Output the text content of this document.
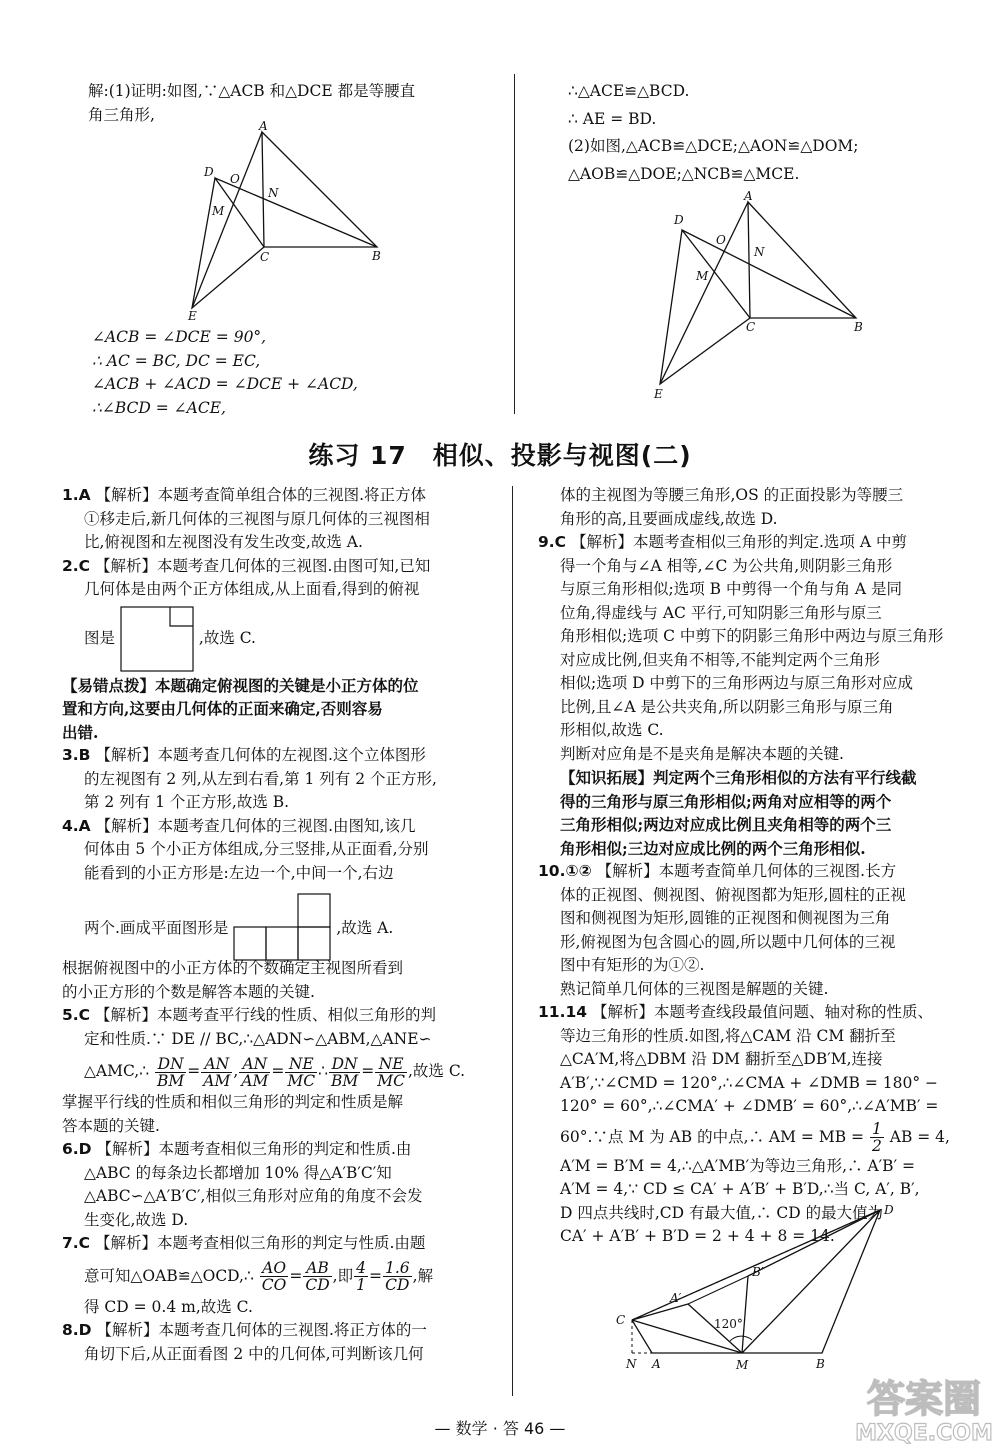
解:(1)证明:如图,∵△ACB 和△DCE 都是等腰直

角三角形,

A
B
C
D
E
M
N
O

∠ACB = ∠DCE = 90°,

∴ AC = BC, DC = EC,

∠ACB + ∠ACD = ∠DCE + ∠ACD,

∴∠BCD = ∠ACE,

∴△ACE≌△BCD.

∴ AE = BD.

(2)如图,△ACB≌△DCE;△AON≌△DOM;

△AOB≌△DOE;△NCB≌△MCE.

A
B
C
D
E
M
N
O
练习 17　相似、投影与视图(二)

1.A 【解析】本题考查简单组合体的三视图.将正方体

①移走后,新几何体的三视图与原几何体的三视图相

比,俯视图和左视图没有发生改变,故选 A.

2.C 【解析】本题考查几何体的三视图.由图可知,已知

几何体是由两个正方体组成,从上面看,得到的俯视

图是	,故选 C.

【易错点拨】本题确定俯视图的关键是小正方体的位

置和方向,这要由几何体的正面来确定,否则容易

出错.

3.B 【解析】本题考查几何体的左视图.这个立体图形

的左视图有 2 列,从左到右看,第 1 列有 2 个正方形,

第 2 列有 1 个正方形,故选 B.

4.A 【解析】本题考查几何体的三视图.由图知,该几

何体由 5 个小正方体组成,分三竖排,从正面看,分别

能看到的小正方形是:左边一个,中间一个,右边

两个.画成平面图形是	,故选 A.

根据俯视图中的小正方体的个数确定主视图所看到

的小正方形的个数是解答本题的关键.

5.C 【解析】本题考查平行线的性质、相似三角形的判

定和性质.∵ DE // BC,∴△ADN∽△ABM,△ANE∽

△AMC,∴ $\frac{DN}{BM} = \frac{AN}{AM}$ , $\frac{AN}{AM} = \frac{NE}{MC}$ ∴ $\frac{DN}{BM} = \frac{NE}{MC}$ ,故选 C.

掌握平行线的性质和相似三角形的判定和性质是解

答本题的关键.

6.D 【解析】本题考查相似三角形的判定和性质.由

△ABC 的每条边长都增加 10% 得△A′B′C′知

△ABC∽△A′B′C′,相似三角形对应角的角度不会发

生变化,故选 D.

7.C 【解析】本题考查相似三角形的判定与性质.由题

意可知△OAB≌△OCD,∴ $\frac{AO}{CO} = \frac{AB}{CD}$ ,即 $\frac{4}{1} = \frac{1.6}{CD}$ ,解

得 CD = 0.4 m,故选 C.

8.D 【解析】本题考查几何体的三视图.将正方体的一

角切下后,从正面看图 2 中的几何体,可判断该几何

体的主视图为等腰三角形,OS 的正面投影为等腰三

角形的高,且要画成虚线,故选 D.

9.C 【解析】本题考查相似三角形的判定.选项 A 中剪

得一个角与∠A 相等,∠C 为公共角,则阴影三角形

与原三角形相似;选项 B 中剪得一个角与角 A 是同

位角,得虚线与 AC 平行,可知阴影三角形与原三

角形相似;选项 C 中剪下的阴影三角形中两边与原三角形

对应成比例,但夹角不相等,不能判定两个三角形

相似;选项 D 中剪下的三角形两边与原三角形对应成

比例,且∠A 是公共夹角,所以阴影三角形与原三角

形相似,故选 C.

判断对应角是不是夹角是解决本题的关键.

【知识拓展】判定两个三角形相似的方法有平行线截

得的三角形与原三角形相似;两角对应相等的两个

三角形相似;两边对应成比例且夹角相等的两个三

角形相似;三边对应成比例的两个三角形相似.

10.①② 【解析】本题考查简单几何体的三视图.长方

体的正视图、侧视图、俯视图都为矩形,圆柱的正视

图和侧视图为矩形,圆锥的正视图和侧视图为三角

形,俯视图为包含圆心的圆,所以题中几何体的三视

图中有矩形的为①②.

熟记简单几何体的三视图是解题的关键.

11.14 【解析】本题考查线段最值问题、轴对称的性质、

等边三角形的性质.如图,将△CAM 沿 CM 翻折至

△CA′M,将△DBM 沿 DM 翻折至△DB′M,连接

A′B′,∵∠CMD = 120°,∴∠CMA + ∠DMB = 180° −

120° = 60°,∴∠CMA′ + ∠DMB′ = 60°,∴∠A′MB′ =

60°.∵点 M 为 AB 的中点,∴ AM = MB = $\frac{1}{2}$ AB = 4,

A′M = B′M = 4,∴△A′MB′为等边三角形,∴ A′B′ =

A′M = 4,∵ CD ≤ CA′ + A′B′ + B′D,∴当 C, A′, B′,

D 四点共线时,CD 有最大值,∴ CD 的最大值为

CA′ + A′B′ + B′D = 2 + 4 + 8 = 14.

C
D
N A	M	B
A′
B′
120°
— 数学 · 答 46 —
答案圈
MXQE.COM
